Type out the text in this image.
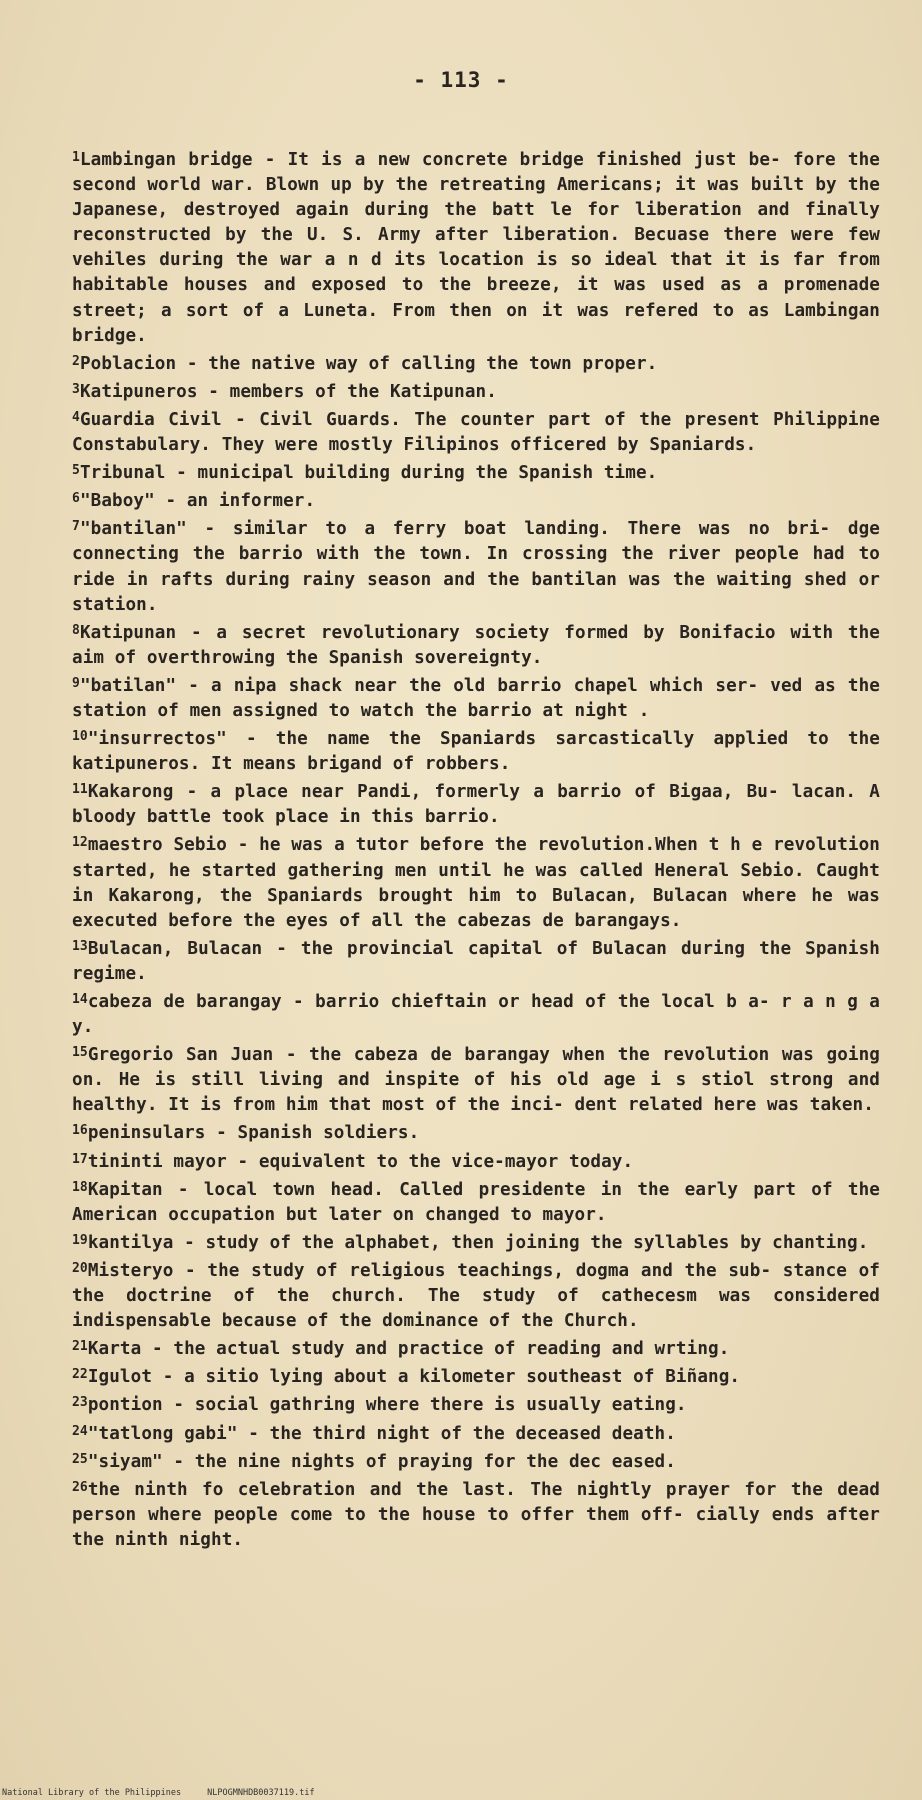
- 113 -

$^1$Lambingan bridge - It is a new concrete bridge finished just be- fore the second world war. Blown up by the retreating Americans; it was built by the Japanese, destroyed again during the batt le for liberation and finally reconstructed by the U. S. Army after liberation. Becuase there were few vehiles during the war a n d its location is so ideal that it is far from habitable houses and exposed to the breeze, it was used as a promenade street; a sort of a Luneta. From then on it was refered to as Lambingan bridge.

$^2$Poblacion - the native way of calling the town proper.

$^3$Katipuneros - members of the Katipunan.

$^4$Guardia Civil - Civil Guards. The counter part of the present Philippine Constabulary. They were mostly Filipinos officered by Spaniards.

$^5$Tribunal - municipal building during the Spanish time.

$^6$"Baboy" - an informer.

$^7$"bantilan" - similar to a ferry boat landing. There was no bri- dge connecting the barrio with the town. In crossing the river people had to ride in rafts during rainy season and the bantilan was the waiting shed or station.

$^8$Katipunan - a secret revolutionary society formed by Bonifacio with the aim of overthrowing the Spanish sovereignty.

$^9$"batilan" - a nipa shack near the old barrio chapel which ser- ved as the station of men assigned to watch the barrio at night .

$^{10}$"insurrectos" - the name the Spaniards sarcastically applied to the katipuneros. It means brigand of robbers.

$^{11}$Kakarong - a place near Pandi, formerly a barrio of Bigaa, Bu- lacan. A bloody battle took place in this barrio.

$^{12}$maestro Sebio - he was a tutor before the revolution.When t h e revolution started, he started gathering men until he was called Heneral Sebio. Caught in Kakarong, the Spaniards brought him to Bulacan, Bulacan where he was executed before the eyes of all the cabezas de barangays.

$^{13}$Bulacan, Bulacan - the provincial capital of Bulacan during the Spanish regime.

$^{14}$cabeza de barangay - barrio chieftain or head of the local b a- r a n g a y.

$^{15}$Gregorio San Juan - the cabeza de barangay when the revolution was going on. He is still living and inspite of his old age i s stiol strong and healthy. It is from him that most of the inci- dent related here was taken.

$^{16}$peninsulars - Spanish soldiers.

$^{17}$tininti mayor - equivalent to the vice-mayor today.

$^{18}$Kapitan - local town head. Called presidente in the early part of the American occupation but later on changed to mayor.

$^{19}$kantilya - study of the alphabet, then joining the syllables by chanting.

$^{20}$Misteryo - the study of religious teachings, dogma and the sub- stance of the doctrine of the church. The study of cathecesm was considered indispensable because of the dominance of the Church.

$^{21}$Karta - the actual study and practice of reading and wrting.

$^{22}$Igulot - a sitio lying about a kilometer southeast of Biñang.

$^{23}$pontion - social gathring where there is usually eating.

$^{24}$"tatlong gabi" - the third night of the deceased death.

$^{25}$"siyam" - the nine nights of praying for the dec eased.

$^{26}$the ninth fo celebration and the last. The nightly prayer for the dead person where people come to the house to offer them off- cially ends after the ninth night.

National Library of the Philippines	NLPOGMNHDB0037119.tif
